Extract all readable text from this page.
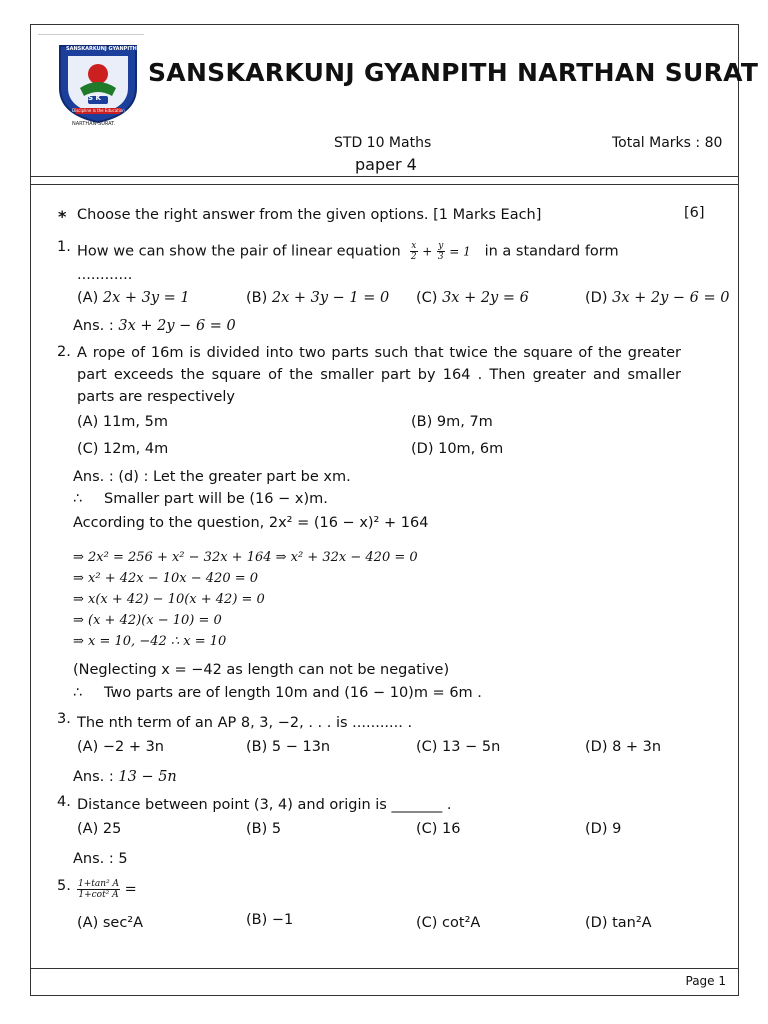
SANSKARKUNJ GYANPITH
S K
Discipline is the Education
NARTHAN-SURAT.
SANSKARKUNJ GYANPITH NARTHAN SURAT
STD 10 Maths
paper 4
Total Marks : 80
* Choose the right answer from the given options. [1 Marks Each]	[6]
1. How we can show the pair of linear equation $\frac{x}{2} + \frac{y}{3} = 1$ in a standard form
............
(A) 2x + 3y = 1	(B) 2x + 3y − 1 = 0 (C) 3x + 2y = 6	(D) 3x + 2y − 6 = 0
Ans. : 3x + 2y − 6 = 0
2. A rope of 16m is divided into two parts such that twice the square of the greater
part exceeds the square of the smaller part by 164 . Then greater and smaller
parts are respectively
(A) 11m, 5m	(B) 9m, 7m
(C) 12m, 4m	(D) 10m, 6m
Ans. : (d) : Let the greater part be xm.
∴ Smaller part will be (16 − x)m.
According to the question, 2x² = (16 − x)² + 164
⇒ 2x² = 256 + x² − 32x + 164 ⇒ x² + 32x − 420 = 0
⇒ x² + 42x − 10x − 420 = 0
⇒ x(x + 42) − 10(x + 42) = 0
⇒ (x + 42)(x − 10) = 0
⇒ x = 10, −42 ∴ x = 10
(Neglecting x = −42 as length can not be negative)
∴ Two parts are of length 10m and (16 − 10)m = 6m .
3. The nth term of an AP 8, 3, −2, . . . is ........... .
(A) −2 + 3n	(B) 5 − 13n	(C) 13 − 5n	(D) 8 + 3n
Ans. : 13 − 5n
4. Distance between point (3, 4) and origin is _______ .
(A) 25	(B) 5	(C) 16	(D) 9
Ans. : 5
5. $\frac{\text{1+tan² A}}{\text{1+cot² A}}$ =
(A) sec²A	(B) −1	(C) cot²A	(D) tan²A
Page 1
